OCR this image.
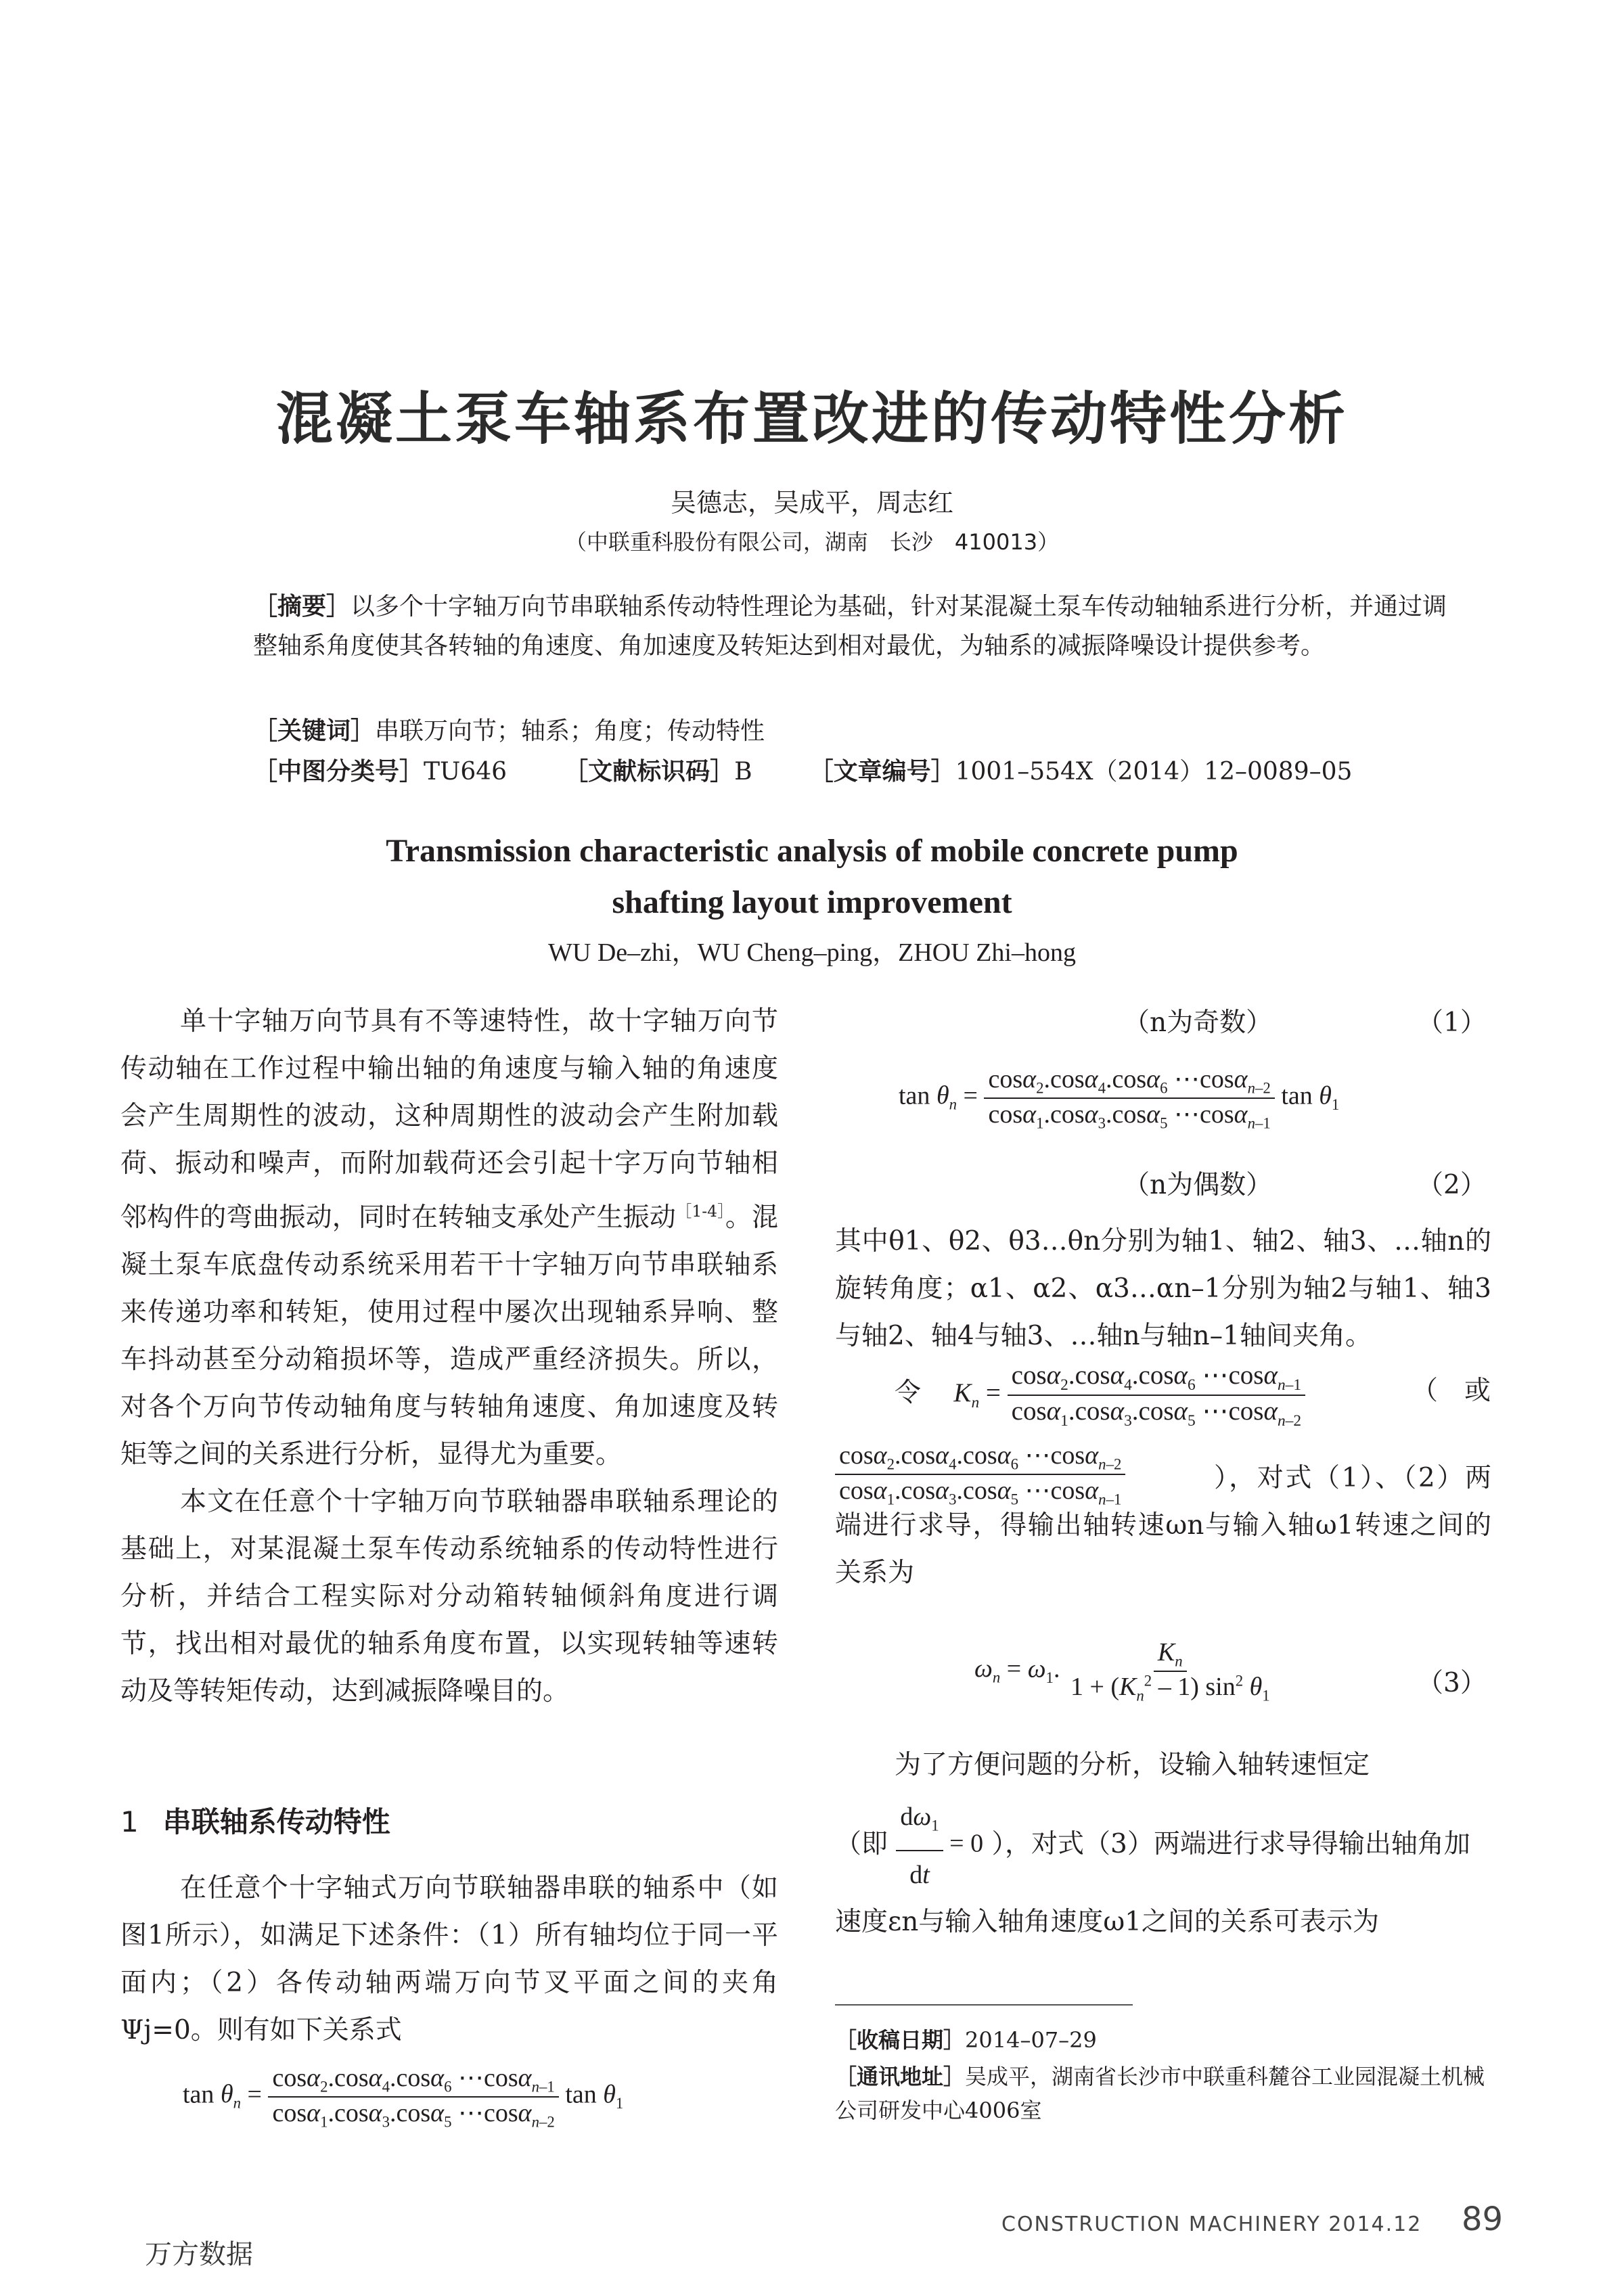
混凝土泵车轴系布置改进的传动特性分析
吴德志，吴成平，周志红
（中联重科股份有限公司，湖南　长沙　410013）
［摘要］以多个十字轴万向节串联轴系传动特性理论为基础，针对某混凝土泵车传动轴轴系进行分析，并通过调整轴系角度使其各转轴的角速度、角加速度及转矩达到相对最优，为轴系的减振降噪设计提供参考。
［关键词］串联万向节；轴系；角度；传动特性
［中图分类号］TU646 ［文献标识码］B ［文章编号］1001–554X（2014）12–0089–05
Transmission characteristic analysis of mobile concrete pump
shafting layout improvement
WU De–zhi，WU Cheng–ping，ZHOU Zhi–hong

单十字轴万向节具有不等速特性，故十字轴万向节传动轴在工作过程中输出轴的角速度与输入轴的角速度会产生周期性的波动，这种周期性的波动会产生附加载荷、振动和噪声，而附加载荷还会引起十字万向节轴相邻构件的弯曲振动，同时在转轴支承处产生振动$^{[1-4]}$。混凝土泵车底盘传动系统采用若干十字轴万向节串联轴系来传递功率和转矩，使用过程中屡次出现轴系异响、整车抖动甚至分动箱损坏等，造成严重经济损失。所以，对各个万向节传动轴角度与转轴角速度、角加速度及转矩等之间的关系进行分析，显得尤为重要。

本文在任意个十字轴万向节联轴器串联轴系理论的基础上，对某混凝土泵车传动系统轴系的传动特性进行分析，并结合工程实际对分动箱转轴倾斜角度进行调节，找出相对最优的轴系角度布置，以实现转轴等速转动及等转矩传动，达到减振降噪目的。

1 串联轴系传动特性

在任意个十字轴式万向节联轴器串联的轴系中（如图1所示），如满足下述条件：（1）所有轴均位于同一平面内；（2）各传动轴两端万向节叉平面之间的夹角Ψj=0。则有如下关系式

$\tan \theta_n = \frac{\cos\alpha_2.\cos\alpha_4.\cos\alpha_6 \cdots\cos\alpha_{n-1}}{\cos\alpha_1.\cos\alpha_3.\cos\alpha_5 \cdots\cos\alpha_{n-2}}$ $\tan \theta_1$
（n为奇数）	（1）
$\tan \theta_n = \frac{\cos\alpha_2.\cos\alpha_4.\cos\alpha_6 \cdots\cos\alpha_{n-2}}{\cos\alpha_1.\cos\alpha_3.\cos\alpha_5 \cdots\cos\alpha_{n-1}}$ $\tan \theta_1$
（n为偶数）	（2）
其中θ1、θ2、θ3…θn分别为轴1、轴2、轴3、…轴n的旋转角度；α1、α2、α3…αn–1分别为轴2与轴1、轴3与轴2、轴4与轴3、…轴n与轴n–1轴间夹角。
令 $K_n = \frac{\cos\alpha_2.\cos\alpha_4.\cos\alpha_6 \cdots\cos\alpha_{n-1}}{\cos\alpha_1.\cos\alpha_3.\cos\alpha_5 \cdots\cos\alpha_{n-2}}$	（　或
$\frac{\cos\alpha_2.\cos\alpha_4.\cos\alpha_6 \cdots\cos\alpha_{n-2}}{\cos\alpha_1.\cos\alpha_3.\cos\alpha_5 \cdots\cos\alpha_{n-1}}$	），对式（1）、（2）两端进行求导，得输出轴转速ωn与输入轴ω1转速之间的关系为
$\omega_n = \omega_1$. $\frac{K_n}{1 + (K_n^2 - 1) \sin^2 \theta_1}$	（3）
为了方便问题的分析，设输入轴转速恒定
（即 $\frac{d\omega_1}{dt} = 0$ ），对式（3）两端进行求导得输出轴角加速度εn与输入轴角速度ω1之间的关系可表示为
［收稿日期］2014–07–29
［通讯地址］吴成平，湖南省长沙市中联重科麓谷工业园混凝土机械公司研发中心4006室
CONSTRUCTION MACHINERY 2014.12 89
万方数据
